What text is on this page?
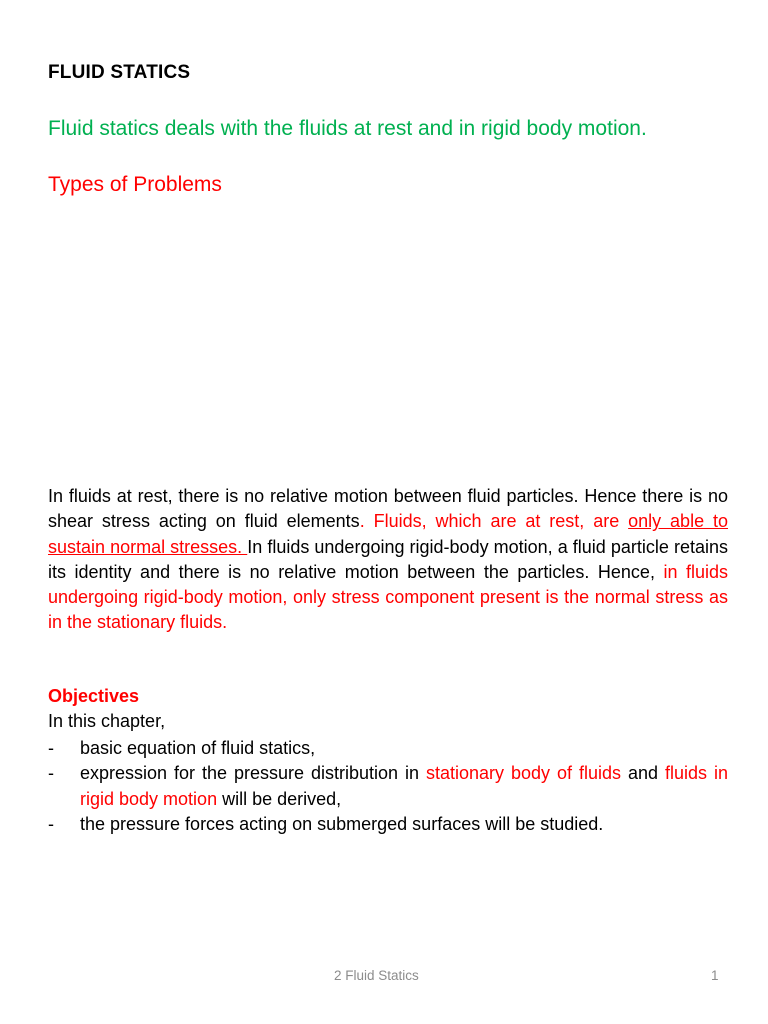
FLUID STATICS
Fluid statics deals with the fluids at rest and in rigid body motion.
Types of Problems
In fluids at rest, there is no relative motion between fluid particles. Hence there is no shear stress acting on fluid elements. Fluids, which are at rest, are only able to sustain normal stresses. In fluids undergoing rigid-body motion, a fluid particle retains its identity and there is no relative motion between the particles. Hence, in fluids undergoing rigid-body motion, only stress component present is the normal stress as in the stationary fluids.
Objectives
In this chapter,
- basic equation of fluid statics,
- expression for the pressure distribution in stationary body of fluids and fluids in rigid body motion will be derived,
- the pressure forces acting on submerged surfaces will be studied.
2 Fluid Statics	1
